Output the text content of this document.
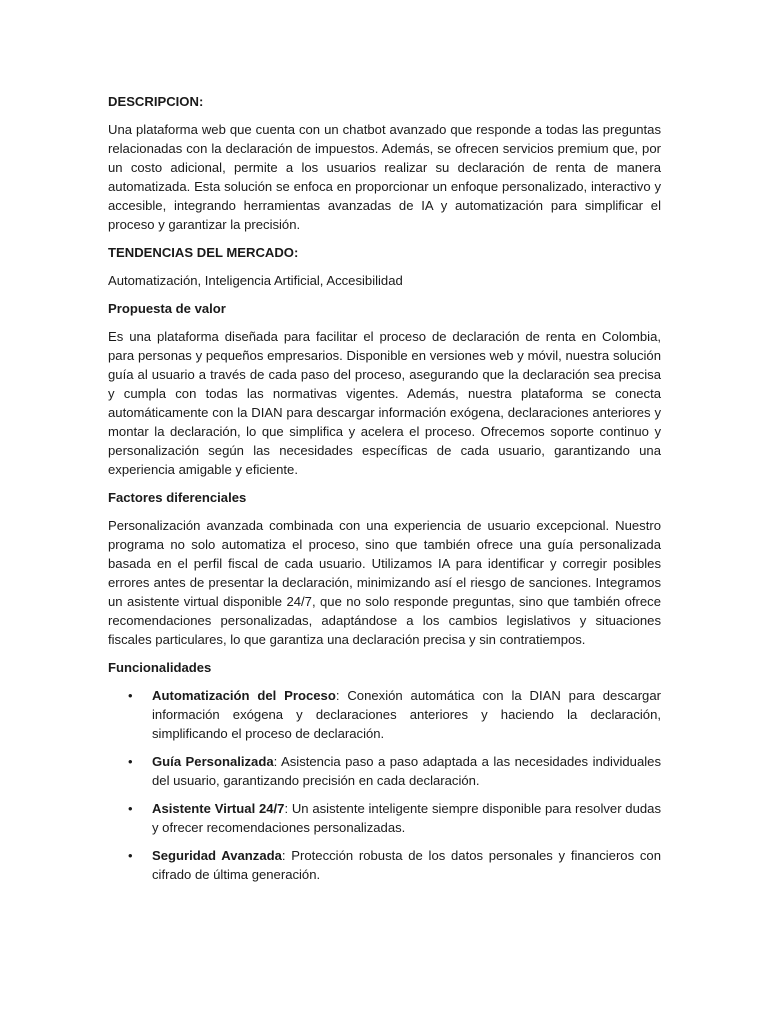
DESCRIPCION:
Una plataforma web que cuenta con un chatbot avanzado que responde a todas las preguntas relacionadas con la declaración de impuestos. Además, se ofrecen servicios premium que, por un costo adicional, permite a los usuarios realizar su declaración de renta de manera automatizada. Esta solución se enfoca en proporcionar un enfoque personalizado, interactivo y accesible, integrando herramientas avanzadas de IA y automatización para simplificar el proceso y garantizar la precisión.
TENDENCIAS DEL MERCADO:
Automatización, Inteligencia Artificial, Accesibilidad
Propuesta de valor
Es una plataforma diseñada para facilitar el proceso de declaración de renta en Colombia, para personas y pequeños empresarios. Disponible en versiones web y móvil, nuestra solución guía al usuario a través de cada paso del proceso, asegurando que la declaración sea precisa y cumpla con todas las normativas vigentes. Además, nuestra plataforma se conecta automáticamente con la DIAN para descargar información exógena, declaraciones anteriores y montar la declaración, lo que simplifica y acelera el proceso. Ofrecemos soporte continuo y personalización según las necesidades específicas de cada usuario, garantizando una experiencia amigable y eficiente.
Factores diferenciales
Personalización avanzada combinada con una experiencia de usuario excepcional. Nuestro programa no solo automatiza el proceso, sino que también ofrece una guía personalizada basada en el perfil fiscal de cada usuario. Utilizamos IA para identificar y corregir posibles errores antes de presentar la declaración, minimizando así el riesgo de sanciones. Integramos un asistente virtual disponible 24/7, que no solo responde preguntas, sino que también ofrece recomendaciones personalizadas, adaptándose a los cambios legislativos y situaciones fiscales particulares, lo que garantiza una declaración precisa y sin contratiempos.
Funcionalidades
• Automatización del Proceso: Conexión automática con la DIAN para descargar información exógena y declaraciones anteriores y haciendo la declaración, simplificando el proceso de declaración.
• Guía Personalizada: Asistencia paso a paso adaptada a las necesidades individuales del usuario, garantizando precisión en cada declaración.
• Asistente Virtual 24/7: Un asistente inteligente siempre disponible para resolver dudas y ofrecer recomendaciones personalizadas.
• Seguridad Avanzada: Protección robusta de los datos personales y financieros con cifrado de última generación.
